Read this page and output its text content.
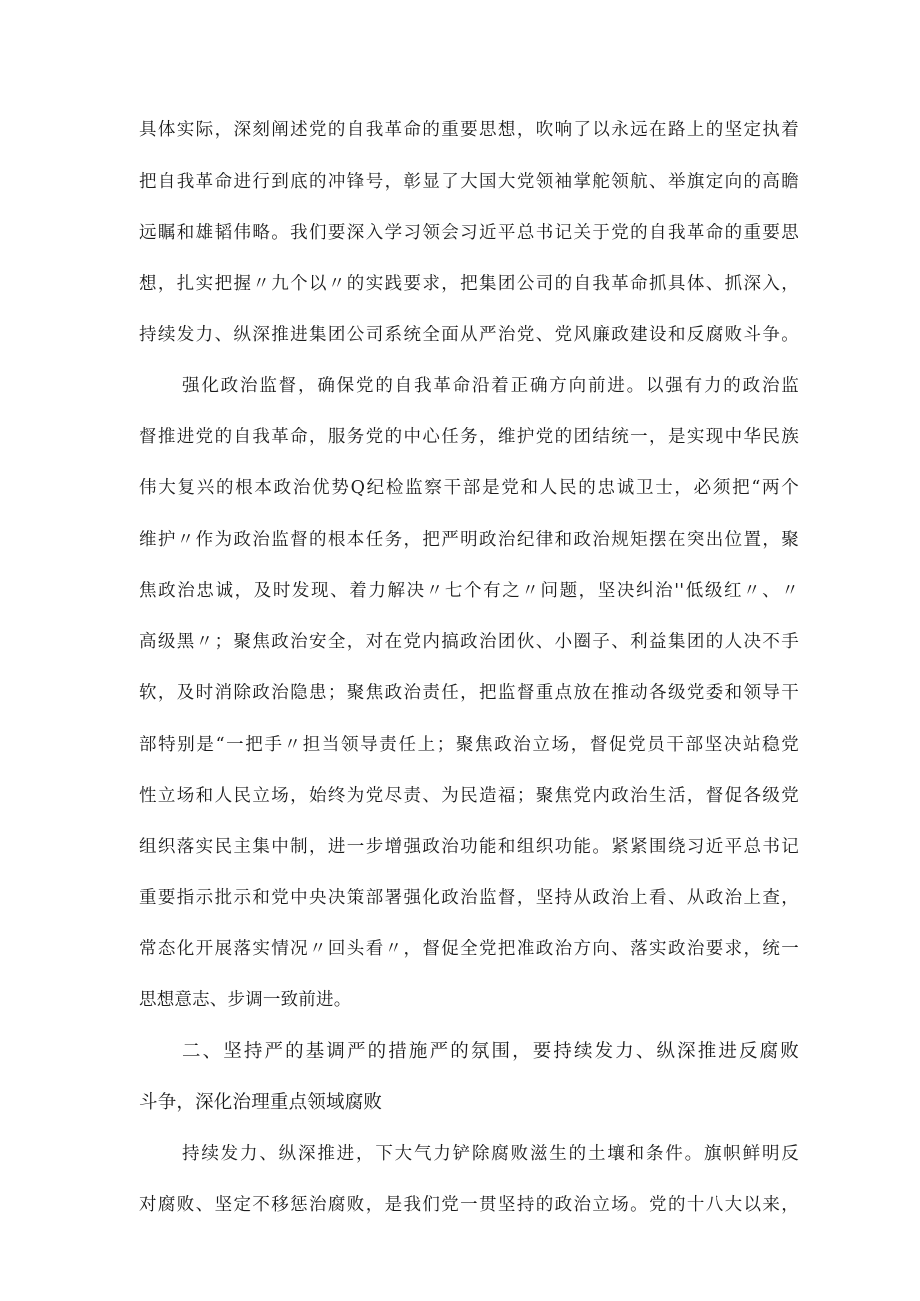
具体实际，深刻阐述党的自我革命的重要思想，吹响了以永远在路上的坚定执着
把自我革命进行到底的冲锋号，彰显了大国大党领袖掌舵领航、举旗定向的高瞻
远瞩和雄韬伟略。我们要深入学习领会习近平总书记关于党的自我革命的重要思
想，扎实把握〃九个以〃的实践要求，把集团公司的自我革命抓具体、抓深入，
持续发力、纵深推进集团公司系统全面从严治党、党风廉政建设和反腐败斗争。
强化政治监督，确保党的自我革命沿着正确方向前进。以强有力的政治监
督推进党的自我革命，服务党的中心任务，维护党的团结统一，是实现中华民族
伟大复兴的根本政治优势Q纪检监察干部是党和人民的忠诚卫士，必须把“两个
维护〃作为政治监督的根本任务，把严明政治纪律和政治规矩摆在突出位置，聚
焦政治忠诚，及时发现、着力解决〃七个有之〃问题，坚决纠治''低级红〃、〃
高级黑〃；聚焦政治安全，对在党内搞政治团伙、小圈子、利益集团的人决不手
软，及时消除政治隐患；聚焦政治责任，把监督重点放在推动各级党委和领导干
部特别是“一把手〃担当领导责任上；聚焦政治立场，督促党员干部坚决站稳党
性立场和人民立场，始终为党尽责、为民造福；聚焦党内政治生活，督促各级党
组织落实民主集中制，进一步增强政治功能和组织功能。紧紧围绕习近平总书记
重要指示批示和党中央决策部署强化政治监督，坚持从政治上看、从政治上查，
常态化开展落实情况〃回头看〃，督促全党把准政治方向、落实政治要求，统一
思想意志、步调一致前进。
二、坚持严的基调严的措施严的氛围，要持续发力、纵深推进反腐败
斗争，深化治理重点领域腐败
持续发力、纵深推进，下大气力铲除腐败滋生的土壤和条件。旗帜鲜明反
对腐败、坚定不移惩治腐败，是我们党一贯坚持的政治立场。党的十八大以来，
